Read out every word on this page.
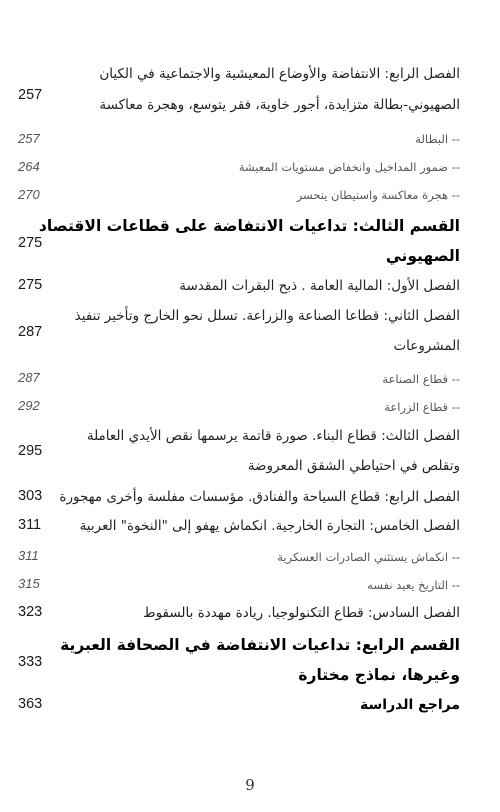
الفصل الرابع: الانتفاضة والأوضاع المعيشية والاجتماعية في الكيان
الصهيوني-بطالة متزايدة، أجور خاوية، فقر يتوسع، وهجرة معاكسة
257
-- البطالة
257
-- ضمور المداخيل وانخفاض مستويات المعيشة
264
-- هجرة معاكسة واستيطان ينحسر
270
القسم الثالث: تداعيات الانتفاضة على قطاعات الاقتصاد
الصهيوني
275
الفصل الأول: المالية العامة . ذبح البقرات المقدسة
275
الفصل الثاني: قطاعا الصناعة والزراعة. تسلل نحو الخارج وتأخير تنفيذ
المشروعات
287
-- قطاع الصناعة
287
-- قطاع الزراعة
292
الفصل الثالث: قطاع البناء. صورة قاتمة يرسمها نقص الأيدي العاملة
وتقلص في احتياطي الشقق المعروضة
295
الفصل الرابع: قطاع السياحة والفنادق. مؤسسات مفلسة وأخرى مهجورة
303
الفصل الخامس: التجارة الخارجية. انكماش يهفو إلى "النخوة" العربية
311
-- انكماش يستثني الصادرات العسكرية
311
-- التاريخ يعيد نفسه
315
الفصل السادس: قطاع التكنولوجيا. ريادة مهددة بالسقوط
323
القسم الرابع: تداعيات الانتفاضة في الصحافة العبرية
وغيرها، نماذج مختارة
333
مراجع الدراسة
363
9
